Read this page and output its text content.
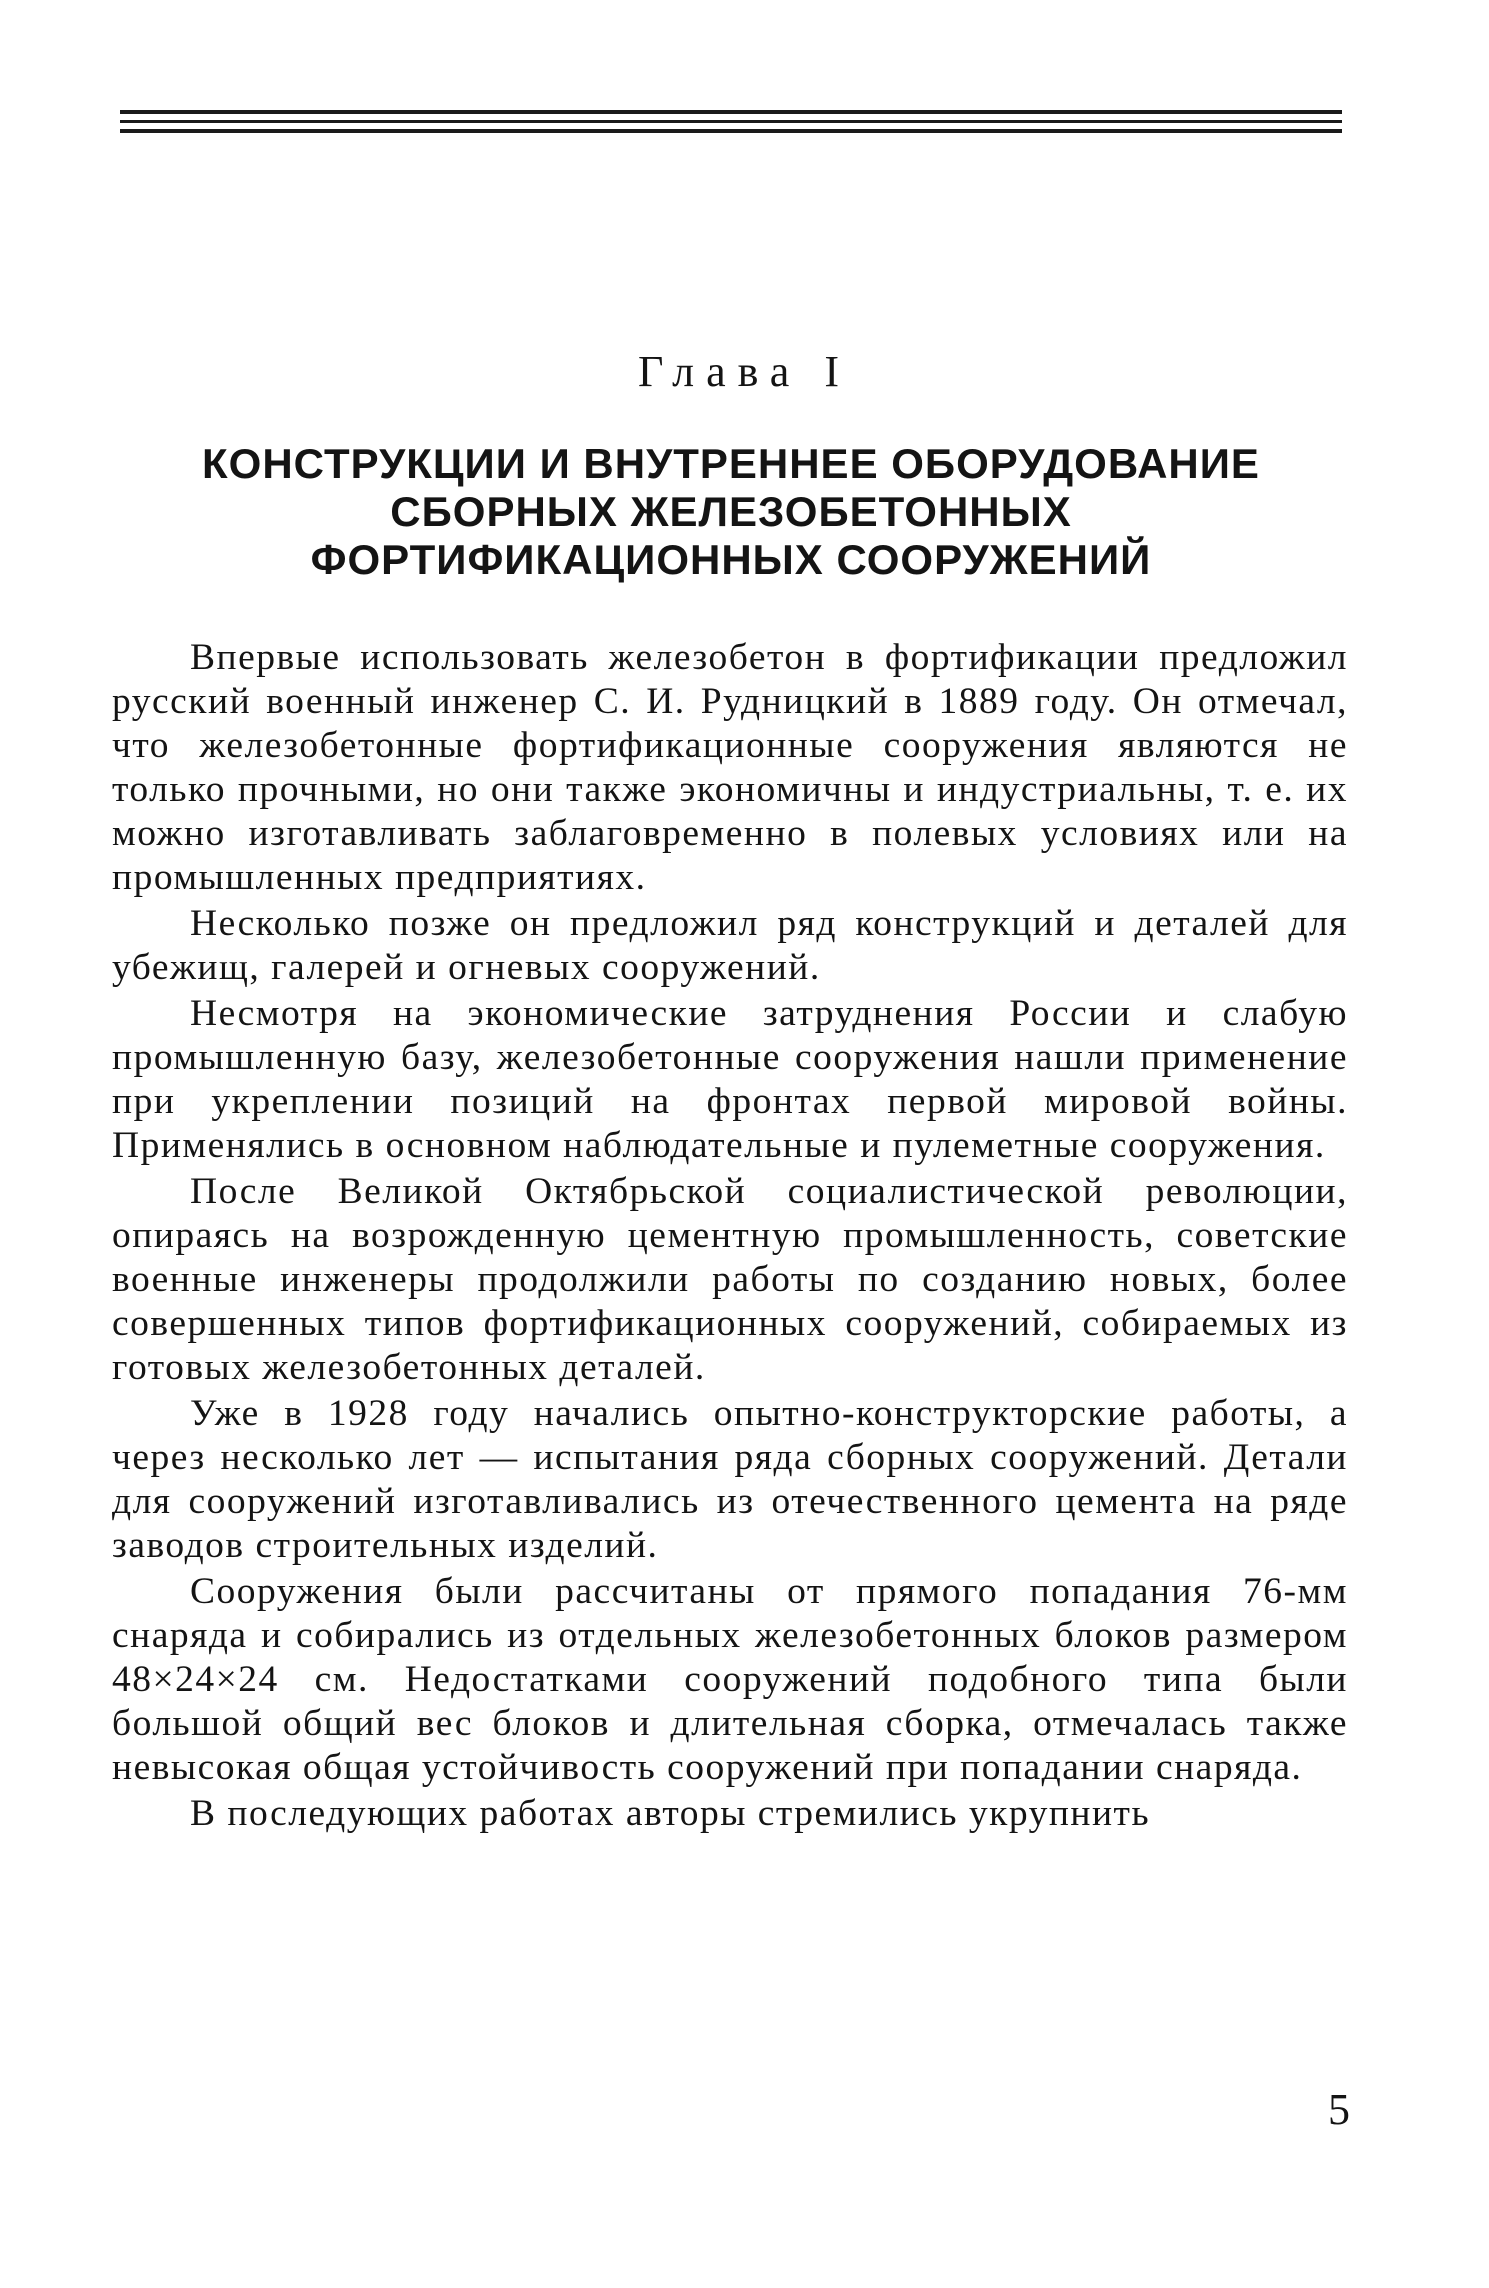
Глава I
КОНСТРУКЦИИ И ВНУТРЕННЕЕ ОБОРУДОВАНИЕ
СБОРНЫХ ЖЕЛЕЗОБЕТОННЫХ
ФОРТИФИКАЦИОННЫХ СООРУЖЕНИЙ

Впервые использовать железобетон в фортификации предложил русский военный инженер С. И. Рудницкий в 1889 году. Он отмечал, что железобетонные фортификационные сооружения являются не только прочными, но они также экономичны и индустриальны, т. е. их можно изготавливать заблаговременно в полевых условиях или на промышленных предприятиях.

Несколько позже он предложил ряд конструкций и деталей для убежищ, галерей и огневых сооружений.

Несмотря на экономические затруднения России и слабую промышленную базу, железобетонные сооружения нашли применение при укреплении позиций на фронтах первой мировой войны. Применялись в основном наблюдательные и пулеметные сооружения.

После Великой Октябрьской социалистической революции, опираясь на возрожденную цементную промышленность, советские военные инженеры продолжили работы по созданию новых, более совершенных типов фортификационных сооружений, собираемых из готовых железобетонных деталей.

Уже в 1928 году начались опытно-конструкторские работы, а через несколько лет — испытания ряда сборных сооружений. Детали для сооружений изготавливались из отечественного цемента на ряде заводов строительных изделий.

Сооружения были рассчитаны от прямого попадания 76-мм снаряда и собирались из отдельных железобетонных блоков размером 48×24×24 см. Недостатками сооружений подобного типа были большой общий вес блоков и длительная сборка, отмечалась также невысокая общая устойчивость сооружений при попадании снаряда.

В последующих работах авторы стремились укрупнить

5
